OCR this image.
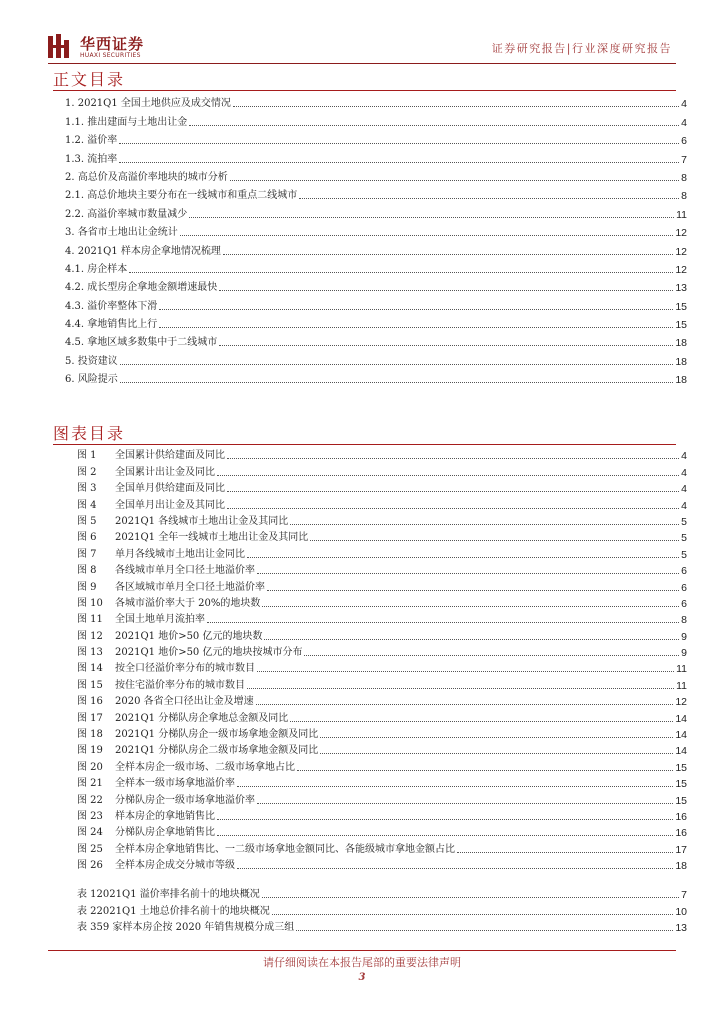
华西证券
HUAXI SECURITIES
证券研究报告|行业深度研究报告
正文目录
1. 2021Q1 全国土地供应及成交情况	4
1.1. 推出建面与土地出让金	4
1.2. 溢价率	6
1.3. 流拍率	7
2. 高总价及高溢价率地块的城市分析	8
2.1. 高总价地块主要分布在一线城市和重点二线城市	8
2.2. 高溢价率城市数量减少	11
3. 各省市土地出让金统计	12
4. 2021Q1 样本房企拿地情况梳理	12
4.1. 房企样本	12
4.2. 成长型房企拿地金额增速最快	13
4.3. 溢价率整体下滑	15
4.4. 拿地销售比上行	15
4.5. 拿地区域多数集中于二线城市	18
5. 投资建议	18
6. 风险提示	18
图表目录
图 1 全国累计供给建面及同比	4
图 2 全国累计出让金及同比	4
图 3 全国单月供给建面及同比	4
图 4 全国单月出让金及其同比	4
图 5 2021Q1 各线城市土地出让金及其同比	5
图 6 2021Q1 全年一线城市土地出让金及其同比	5
图 7 单月各线城市土地出让金同比	5
图 8 各线城市单月全口径土地溢价率	6
图 9 各区域城市单月全口径土地溢价率	6
图 10 各城市溢价率大于 20%的地块数	6
图 11 全国土地单月流拍率	8
图 12 2021Q1 地价>50 亿元的地块数	9
图 13 2021Q1 地价>50 亿元的地块按城市分布	9
图 14 按全口径溢价率分布的城市数目	11
图 15 按住宅溢价率分布的城市数目	11
图 16 2020 各省全口径出让金及增速	12
图 17 2021Q1 分梯队房企拿地总金额及同比	14
图 18 2021Q1 分梯队房企一级市场拿地金额及同比	14
图 19 2021Q1 分梯队房企二级市场拿地金额及同比	14
图 20 全样本房企一级市场、二级市场拿地占比	15
图 21 全样本一级市场拿地溢价率	15
图 22 分梯队房企一级市场拿地溢价率	15
图 23 样本房企的拿地销售比	16
图 24 分梯队房企拿地销售比	16
图 25 全样本房企拿地销售比、一二级市场拿地金额同比、各能级城市拿地金额占比	17
图 26 全样本房企成交分城市等级	18
表 12021Q1 溢价率排名前十的地块概况	7
表 22021Q1 土地总价排名前十的地块概况	10
表 359 家样本房企按 2020 年销售规模分成三组	13
请仔细阅读在本报告尾部的重要法律声明
3
